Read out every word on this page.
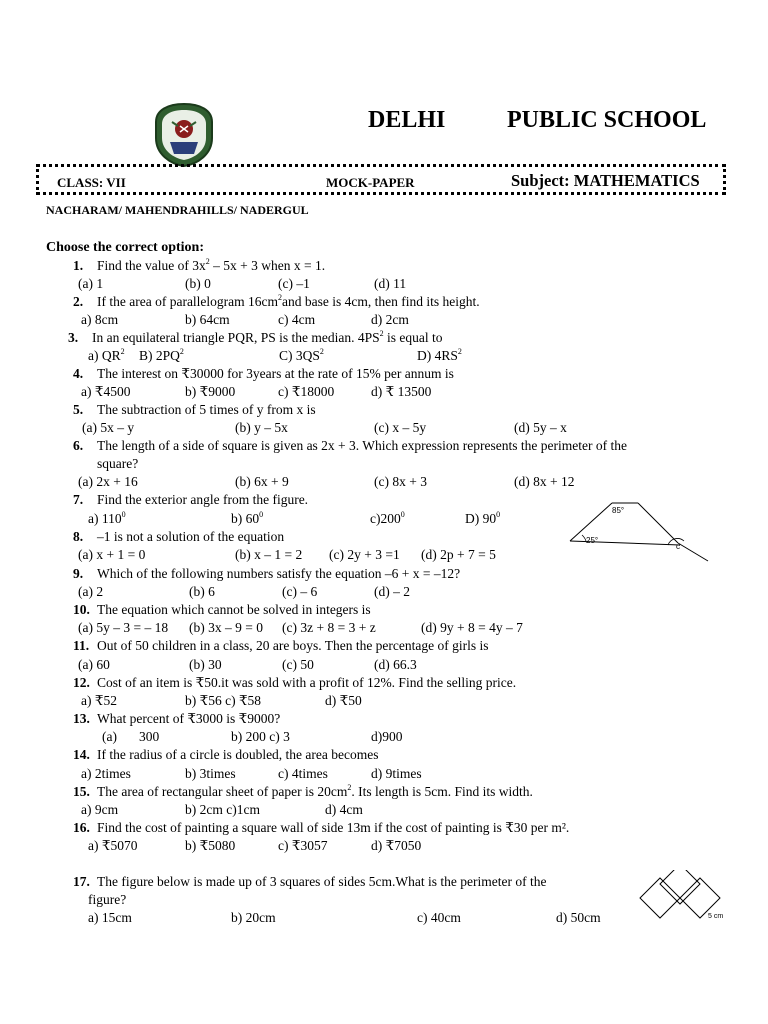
DELHI	PUBLIC SCHOOL
CLASS: VII	MOCK-PAPER	Subject: MATHEMATICS
NACHARAM/ MAHENDRAHILLS/ NADERGUL
Choose the correct option:
1. Find the value of $3x^2 - 5x + 3$ when x = 1.
(a) 1	(b) 0	(c) –1	(d) 11
2. If the area of parallelogram $16cm^2and$ base is 4cm, then find its height.
a) 8cm	b) 64cm	c) 4cm	d) 2cm
3. In an equilateral triangle PQR, PS is the median. $4PS^2$ is equal to
a) $QR^2$ B) $2PQ^2$	C) $3QS^2$	D) $4RS^2$
4. The interest on ₹30000 for 3years at the rate of 15% per annum is
a) ₹4500	b) ₹9000	c) ₹18000	d) ₹ 13500
5. The subtraction of 5 times of y from x is
(a) 5x – y	(b) y – 5x	(c) x – 5y	(d) 5y – x
6. The length of a side of square is given as 2x + 3. Which expression represents the perimeter of the
square?
(a) 2x + 16	(b) 6x + 9	(c) 8x + 3	(d) 8x + 12
7. Find the exterior angle from the figure.
a) $110^0$	b) $60^0$	$c)200^0$	D) $90^0$	85°
25°
c
8. –1 is not a solution of the equation
(a) x + 1 = 0	(b) x – 1 = 2 (c) 2y + 3 =1 (d) 2p + 7 = 5
9. Which of the following numbers satisfy the equation –6 + x = –12?
(a) 2	(b) 6	(c) – 6	(d) – 2
10. The equation which cannot be solved in integers is
(a) 5y – 3 = – 18 (b) 3x – 9 = 0 (c) 3z + 8 = 3 + z	(d) 9y + 8 = 4y – 7
11. Out of 50 children in a class, 20 are boys. Then the percentage of girls is
(a) 60	(b) 30	(c) 50	(d) 66.3
12. Cost of an item is ₹50.it was sold with a profit of 12%. Find the selling price.
a) ₹52	b) ₹56 c) ₹58	d) ₹50
13. What percent of ₹3000 is ₹9000?
(a) 300	b) 200 c) 3	d)900
14. If the radius of a circle is doubled, the area becomes
a) 2times	b) 3times	c) 4times	d) 9times
15. The area of rectangular sheet of paper is $20cm^2$. Its length is 5cm. Find its width.
a) 9cm	b) 2cm c)1cm	d) 4cm
16. Find the cost of painting a square wall of side 13m if the cost of painting is ₹30 per m².
a) ₹5070	b) ₹5080	c) ₹3057	d) ₹7050
17. The figure below is made up of 3 squares of sides 5cm.What is the perimeter of the
figure?
a) 15cm	b) 20cm	c) 40cm	d) 50cm	5 cm
